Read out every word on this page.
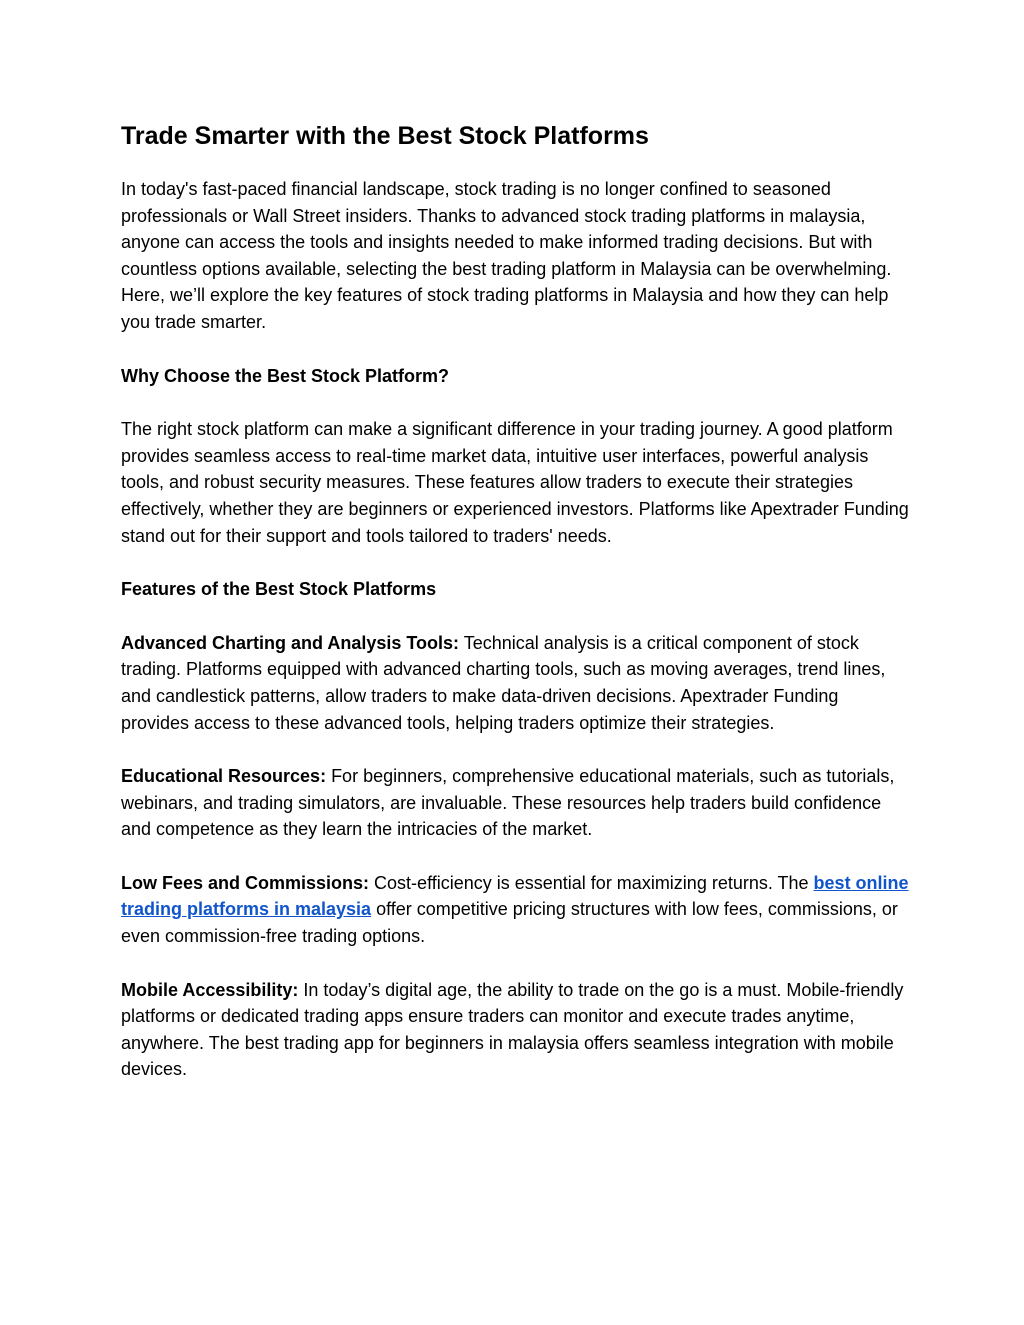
Trade Smarter with the Best Stock Platforms

In today's fast-paced financial landscape, stock trading is no longer confined to seasoned professionals or Wall Street insiders. Thanks to advanced stock trading platforms in malaysia, anyone can access the tools and insights needed to make informed trading decisions. But with countless options available, selecting the best trading platform in Malaysia can be overwhelming. Here, we’ll explore the key features of stock trading platforms in Malaysia and how they can help you trade smarter.

Why Choose the Best Stock Platform?

The right stock platform can make a significant difference in your trading journey. A good platform provides seamless access to real-time market data, intuitive user interfaces, powerful analysis tools, and robust security measures. These features allow traders to execute their strategies effectively, whether they are beginners or experienced investors. Platforms like Apextrader Funding stand out for their support and tools tailored to traders' needs.

Features of the Best Stock Platforms

Advanced Charting and Analysis Tools: Technical analysis is a critical component of stock trading. Platforms equipped with advanced charting tools, such as moving averages, trend lines, and candlestick patterns, allow traders to make data-driven decisions. Apextrader Funding provides access to these advanced tools, helping traders optimize their strategies.

Educational Resources: For beginners, comprehensive educational materials, such as tutorials, webinars, and trading simulators, are invaluable. These resources help traders build confidence and competence as they learn the intricacies of the market.

Low Fees and Commissions: Cost-efficiency is essential for maximizing returns. The best online trading platforms in malaysia offer competitive pricing structures with low fees, commissions, or even commission-free trading options.

Mobile Accessibility: In today’s digital age, the ability to trade on the go is a must. Mobile-friendly platforms or dedicated trading apps ensure traders can monitor and execute trades anytime, anywhere. The best trading app for beginners in malaysia offers seamless integration with mobile devices.
